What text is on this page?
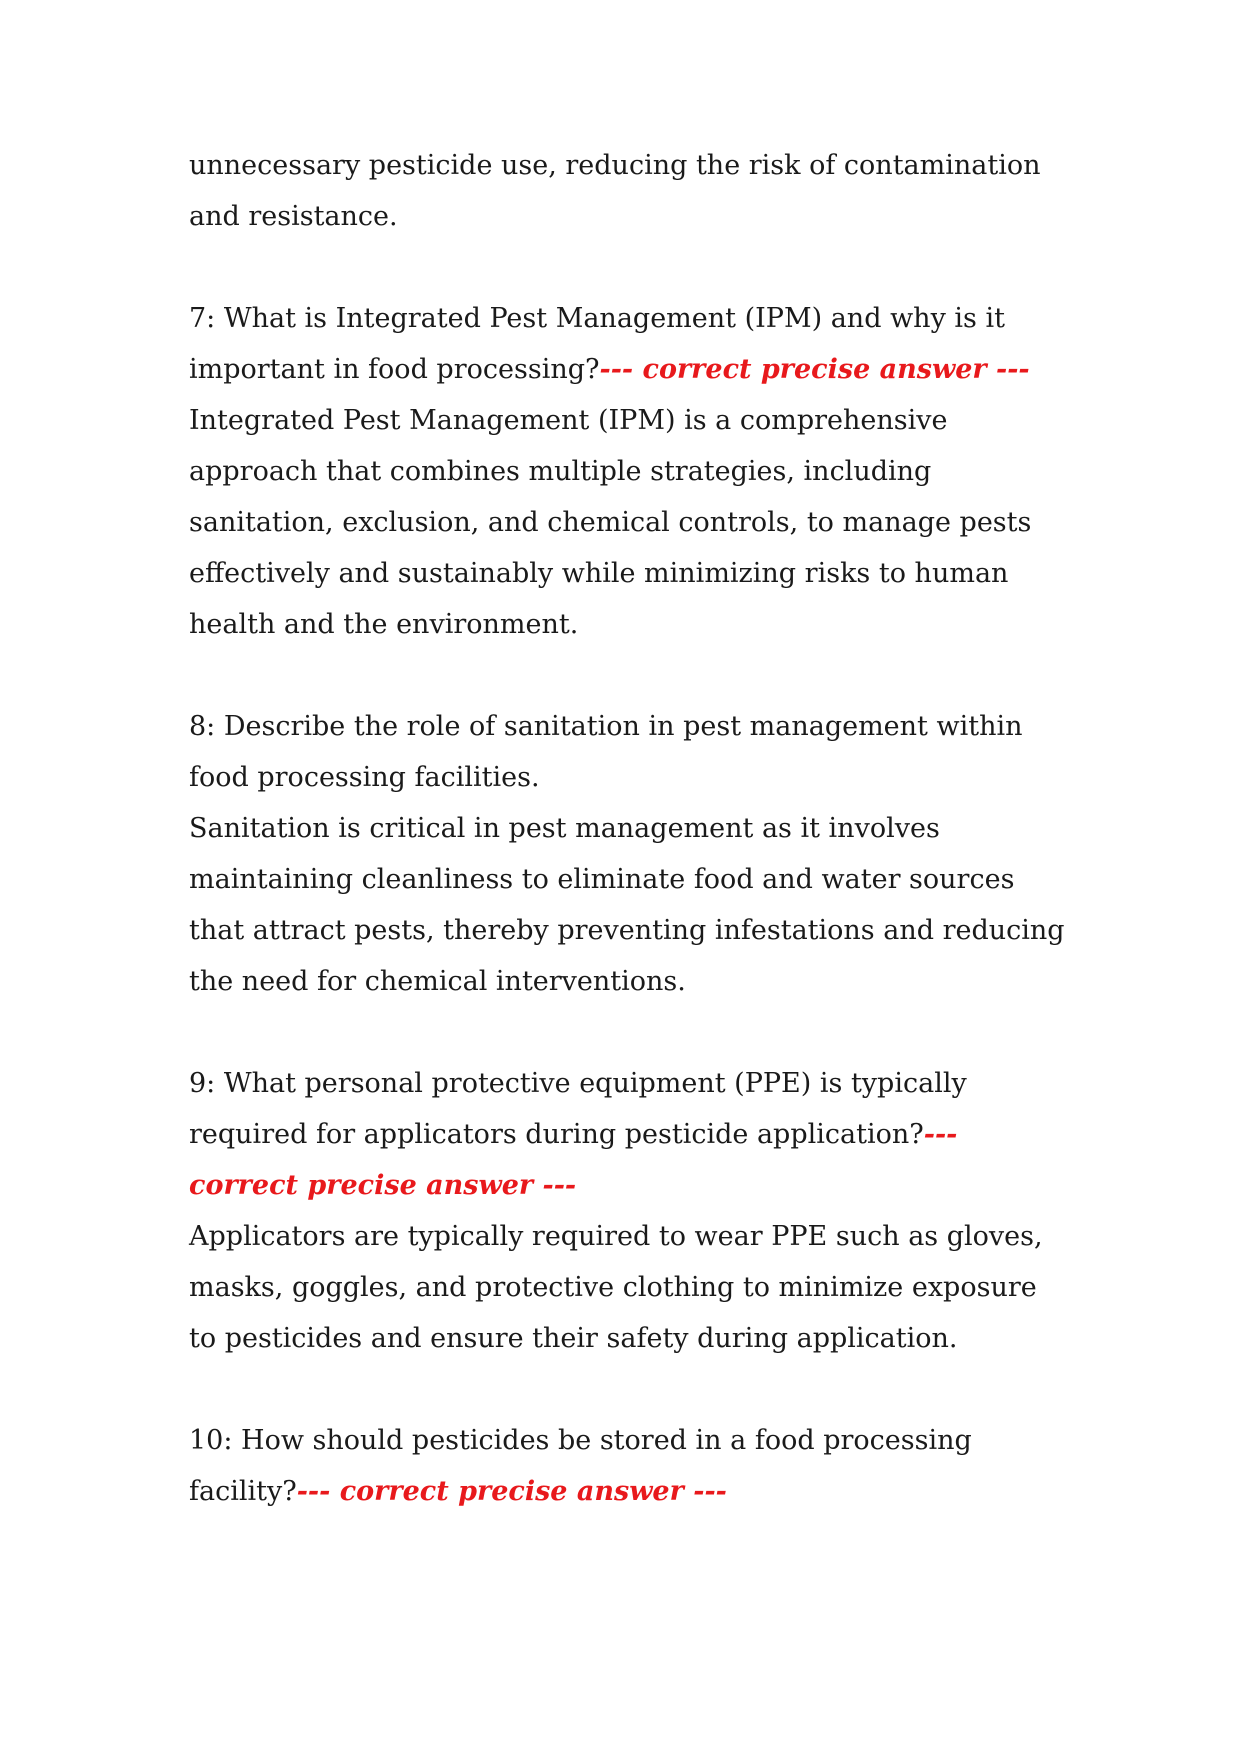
unnecessary pesticide use, reducing the risk of contamination and resistance.

7: What is Integrated Pest Management (IPM) and why is it important in food processing?--- correct precise answer ---

Integrated Pest Management (IPM) is a comprehensive approach that combines multiple strategies, including sanitation, exclusion, and chemical controls, to manage pests effectively and sustainably while minimizing risks to human health and the environment.

8: Describe the role of sanitation in pest management within food processing facilities.

Sanitation is critical in pest management as it involves maintaining cleanliness to eliminate food and water sources that attract pests, thereby preventing infestations and reducing the need for chemical interventions.

9: What personal protective equipment (PPE) is typically required for applicators during pesticide application?--- correct precise answer ---

Applicators are typically required to wear PPE such as gloves, masks, goggles, and protective clothing to minimize exposure to pesticides and ensure their safety during application.

10: How should pesticides be stored in a food processing facility?--- correct precise answer ---
